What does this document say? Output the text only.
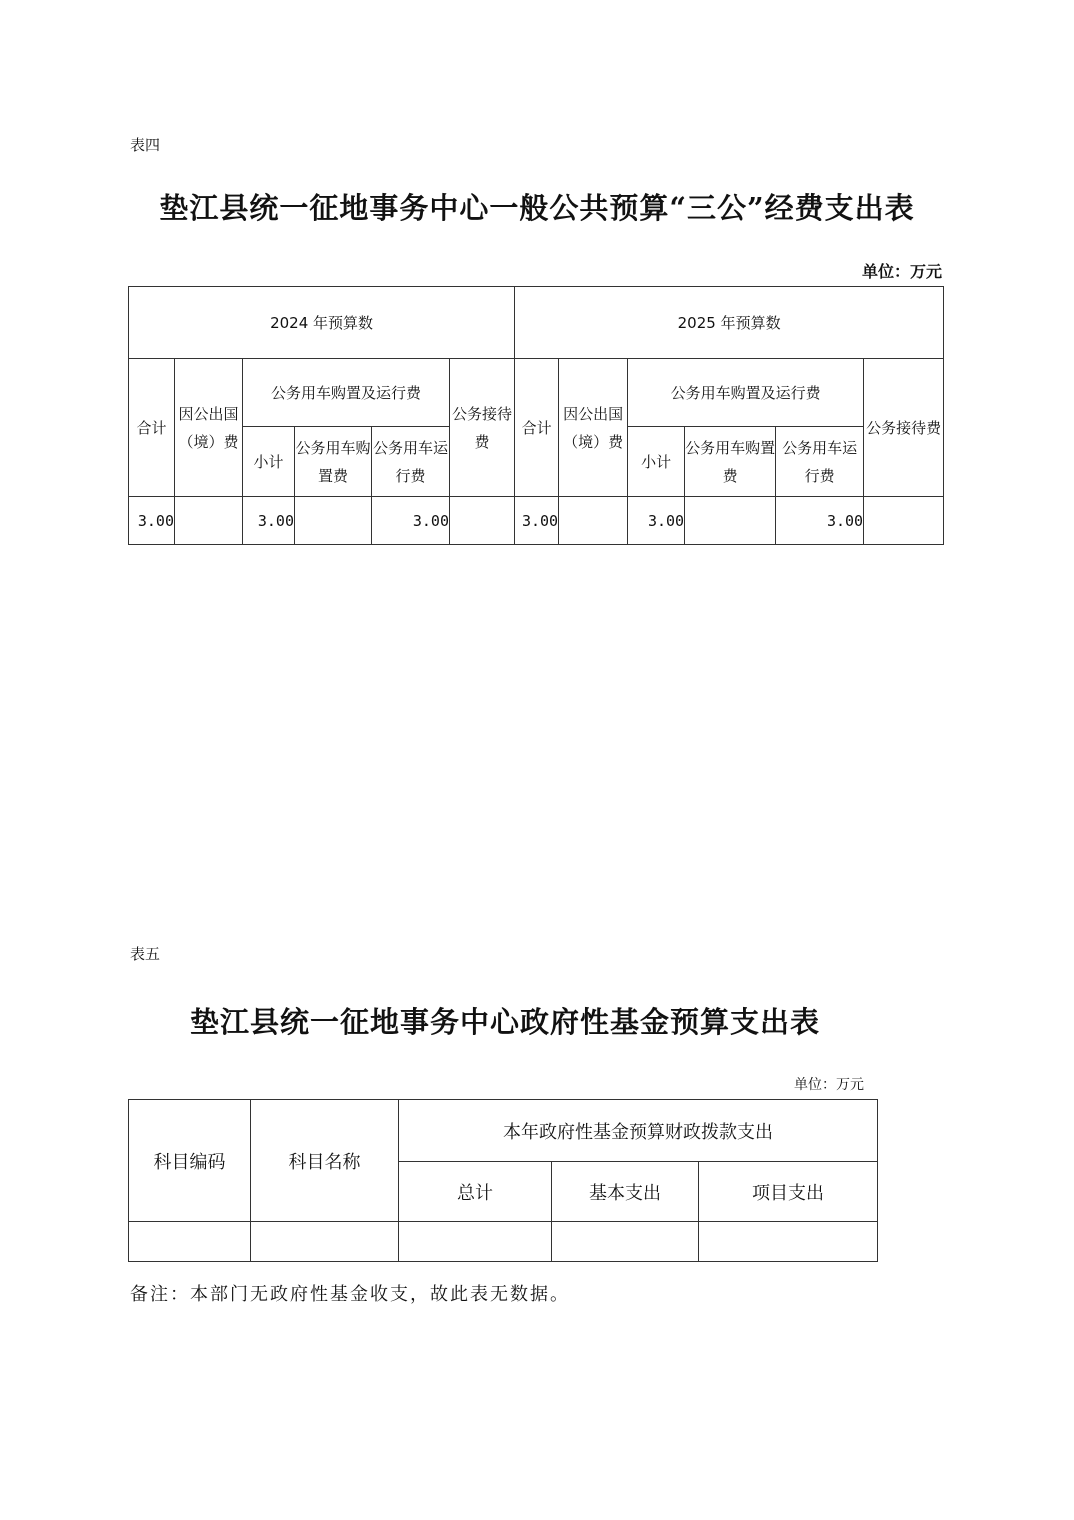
表四
垫江县统一征地事务中心一般公共预算“三公”经费支出表
单位：万元
2024 年预算数						2025 年预算数					
合计	因公出国（境）费	公务用车购置及运行费			公务接待费	合计	因公出国（境）费	公务用车购置及运行费			公务接待费
		小计	公务用车购置费	公务用车运行费				小计	公务用车购置费	公务用车运行费	
3.00		3.00		3.00		3.00		3.00		3.00	
表五
垫江县统一征地事务中心政府性基金预算支出表
单位：万元
科目编码	科目名称	本年政府性基金预算财政拨款支出		
		总计	基本支出	项目支出

备注：本部门无政府性基金收支，故此表无数据。
